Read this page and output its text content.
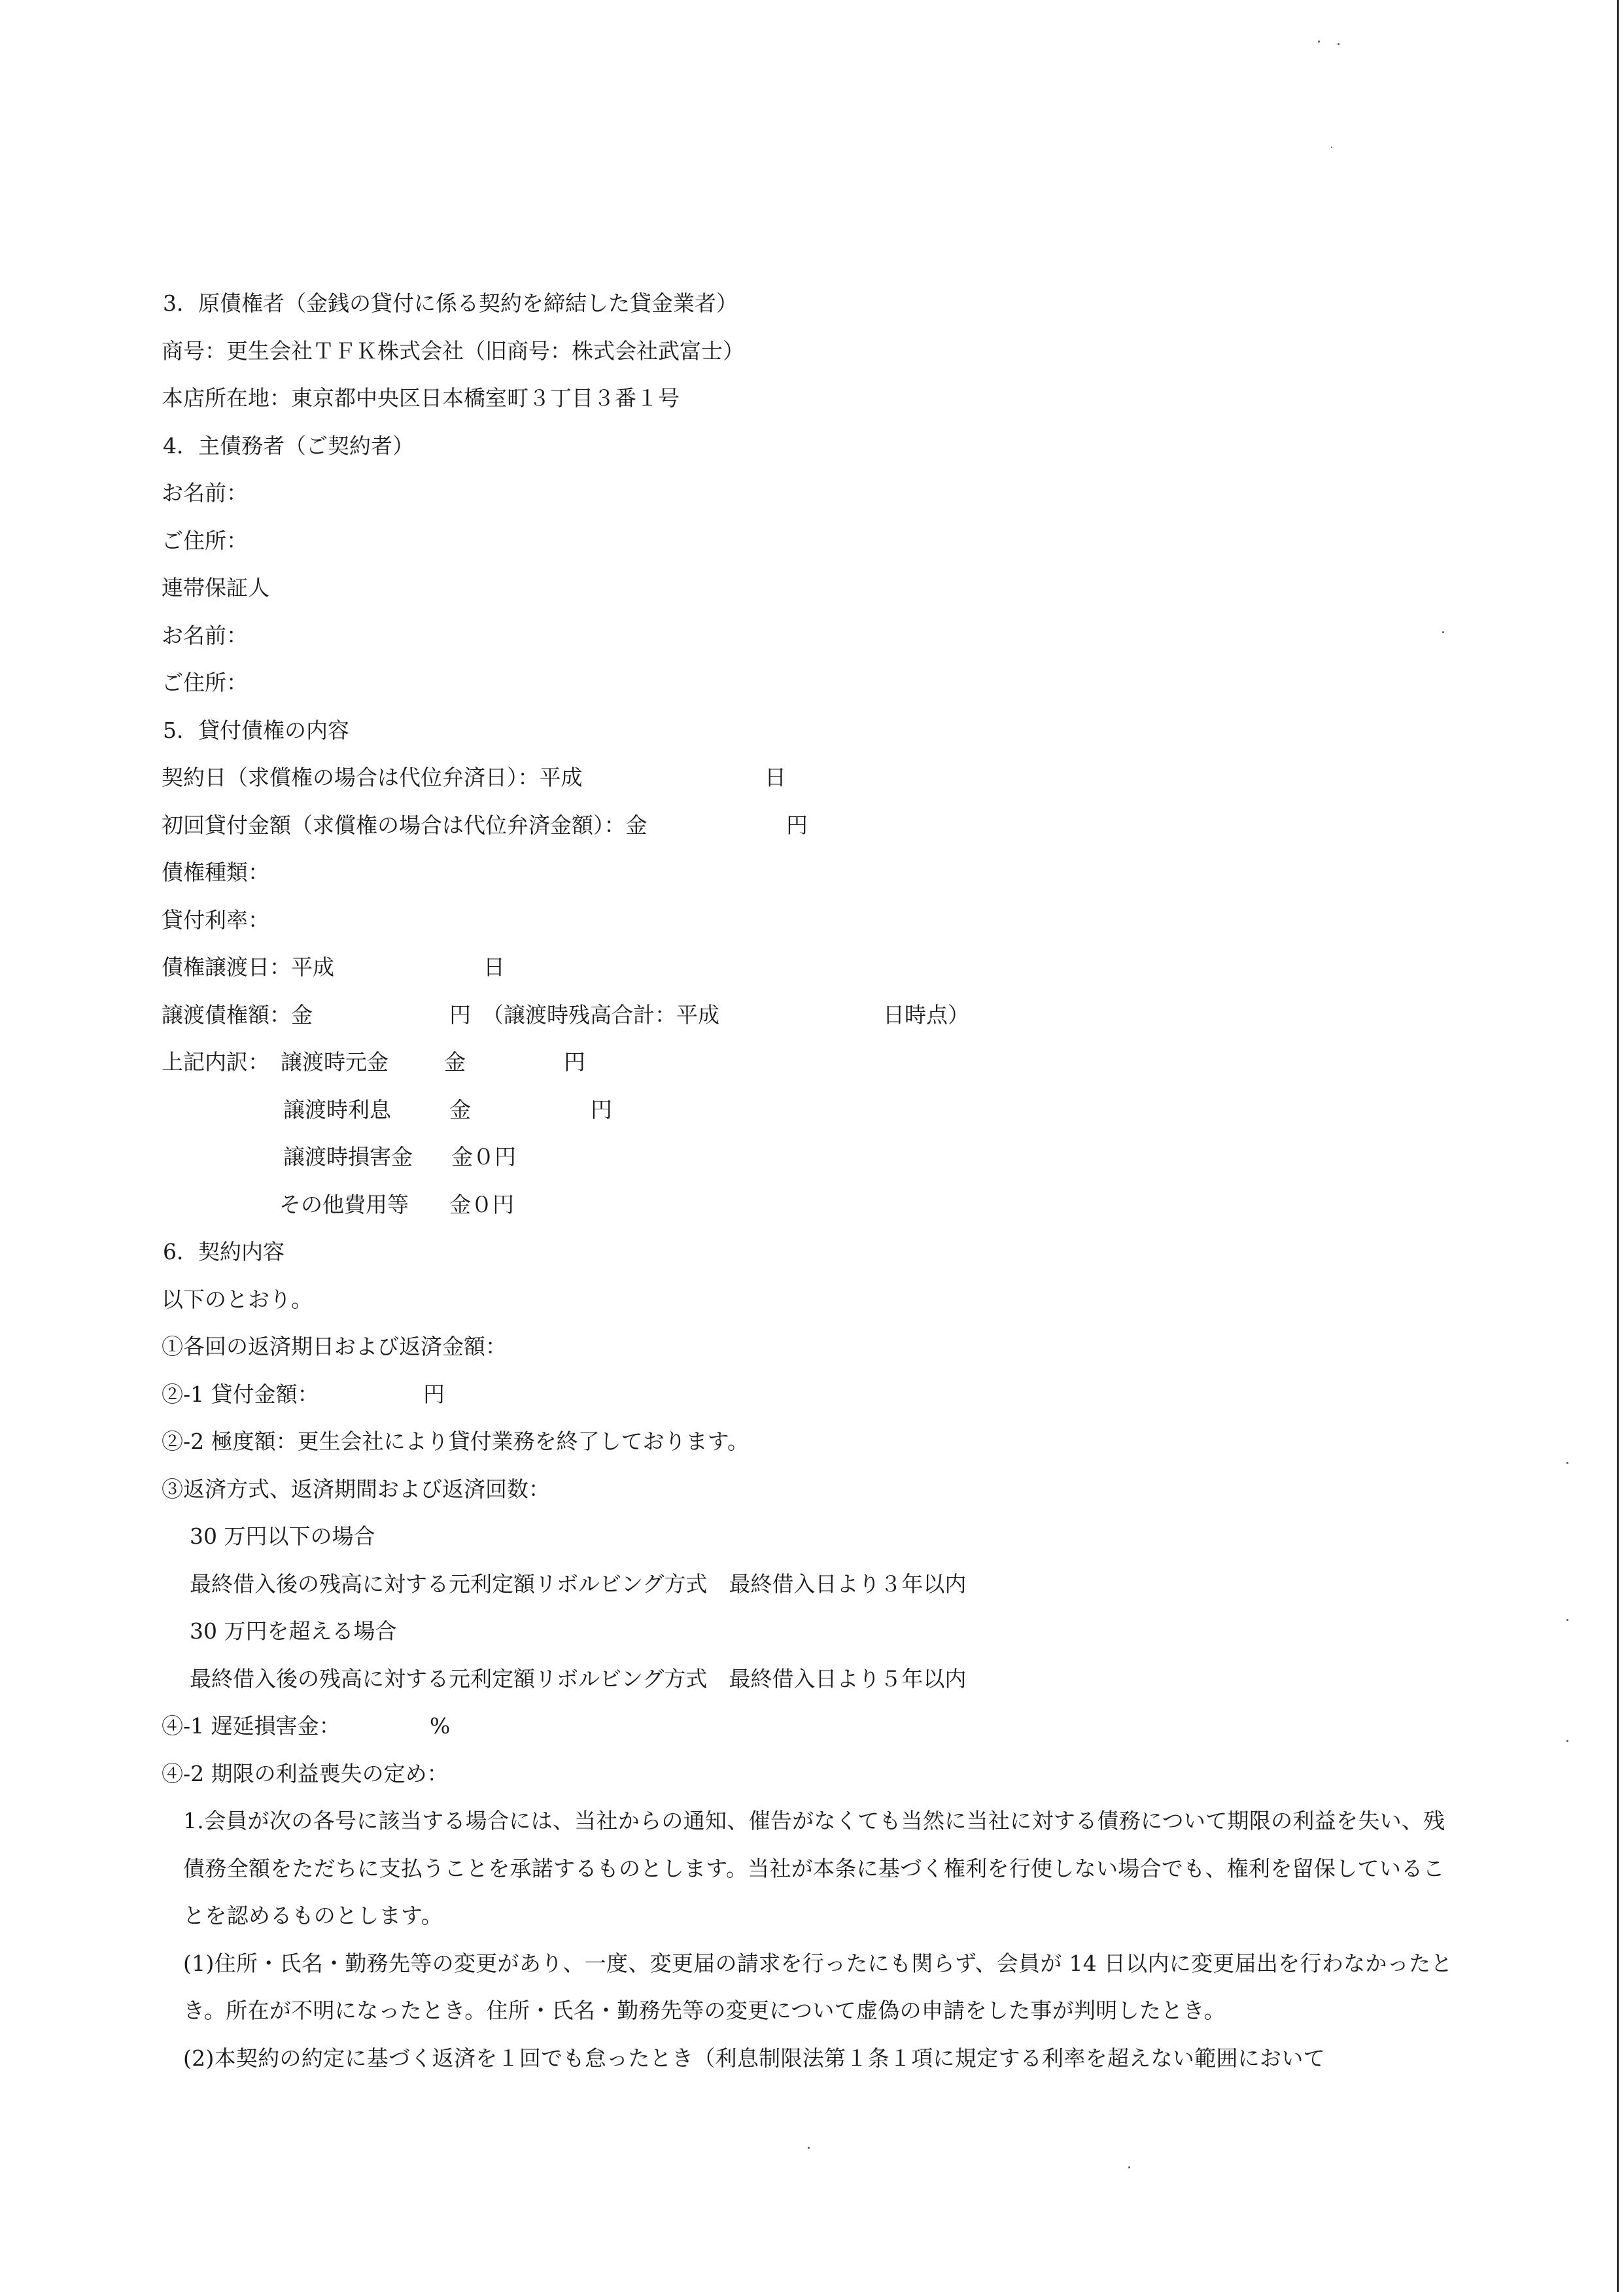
3．原債権者（金銭の貸付に係る契約を締結した貸金業者）
商号：更生会社ＴＦＫ株式会社（旧商号：株式会社武富士）
本店所在地：東京都中央区日本橋室町３丁目３番１号
4．主債務者（ご契約者）
お名前：
ご住所：
連帯保証人
お名前：
ご住所：
5．貸付債権の内容
契約日（求償権の場合は代位弁済日）：平成	日
初回貸付金額（求償権の場合は代位弁済金額）：金	円
債権種類：
貸付利率：
債権譲渡日：平成	日
譲渡債権額：金	円 （譲渡時残高合計：平成	日時点）
上記内訳： 譲渡時元金	金	円
譲渡時利息	金	円
譲渡時損害金 金０円
その他費用等 金０円
6．契約内容
以下のとおり。
①各回の返済期日および返済金額：
②-1 貸付金額：	円
②-2 極度額：更生会社により貸付業務を終了しております。
③返済方式、返済期間および返済回数：
30 万円以下の場合
最終借入後の残高に対する元利定額リボルビング方式　最終借入日より３年以内
30 万円を超える場合
最終借入後の残高に対する元利定額リボルビング方式　最終借入日より５年以内
④-1 遅延損害金：	%
④-2 期限の利益喪失の定め：
1.会員が次の各号に該当する場合には、当社からの通知、催告がなくても当然に当社に対する債務について期限の利益を失い、残債務全額をただちに支払うことを承諾するものとします。当社が本条に基づく権利を行使しない場合でも、権利を留保していることを認めるものとします。
(1)住所・氏名・勤務先等の変更があり、一度、変更届の請求を行ったにも関らず、会員が 14 日以内に変更届出を行わなかったとき。所在が不明になったとき。住所・氏名・勤務先等の変更について虚偽の申請をした事が判明したとき。
(2)本契約の約定に基づく返済を１回でも怠ったとき（利息制限法第１条１項に規定する利率を超えない範囲において
